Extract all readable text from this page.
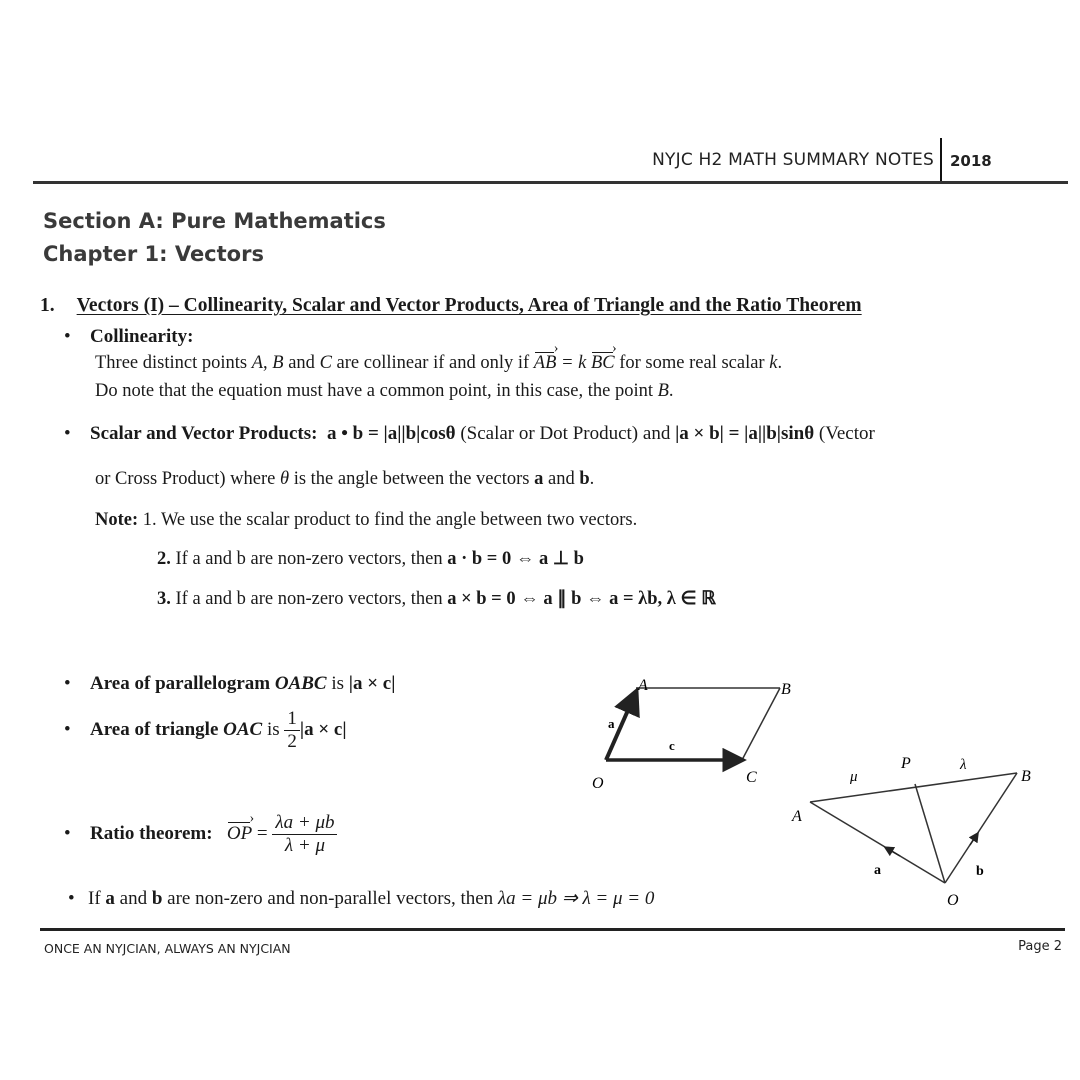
NYJC H2 MATH SUMMARY NOTES 2018
Section A: Pure Mathematics
Chapter 1: Vectors
1. Vectors (I) – Collinearity, Scalar and Vector Products, Area of Triangle and the Ratio Theorem
• Collinearity:
Three distinct points A, B and C are collinear if and only if AB › = k BC › for some real scalar k.
Do note that the equation must have a common point, in this case, the point B.
• Scalar and Vector Products: a • b = |a||b|cosθ (Scalar or Dot Product) and |a × b| = |a||b|sinθ (Vector
or Cross Product) where θ is the angle between the vectors a and b.
Note: 1. We use the scalar product to find the angle between two vectors.
2. If a and b are non-zero vectors, then a · b = 0 ⇔ a ⊥ b
3. If a and b are non-zero vectors, then a × b = 0 ⇔ a ∥ b ⇔ a = λb, λ ∈ ℝ
• Area of parallelogram OABC is |a × c|
• Area of triangle OAC is $\frac{1}{2} |a \times c|$
• Ratio theorem: OP › = $\frac{\lambda a + \mu b}{\lambda + \mu}$
• If a and b are non-zero and non-parallel vectors, then λa = μb ⇒ λ = μ = 0
A	B
O	C
a
c
A
P
B
O
μ
λ
a	b
ONCE AN NYJCIAN, ALWAYS AN NYJCIAN	Page 2
